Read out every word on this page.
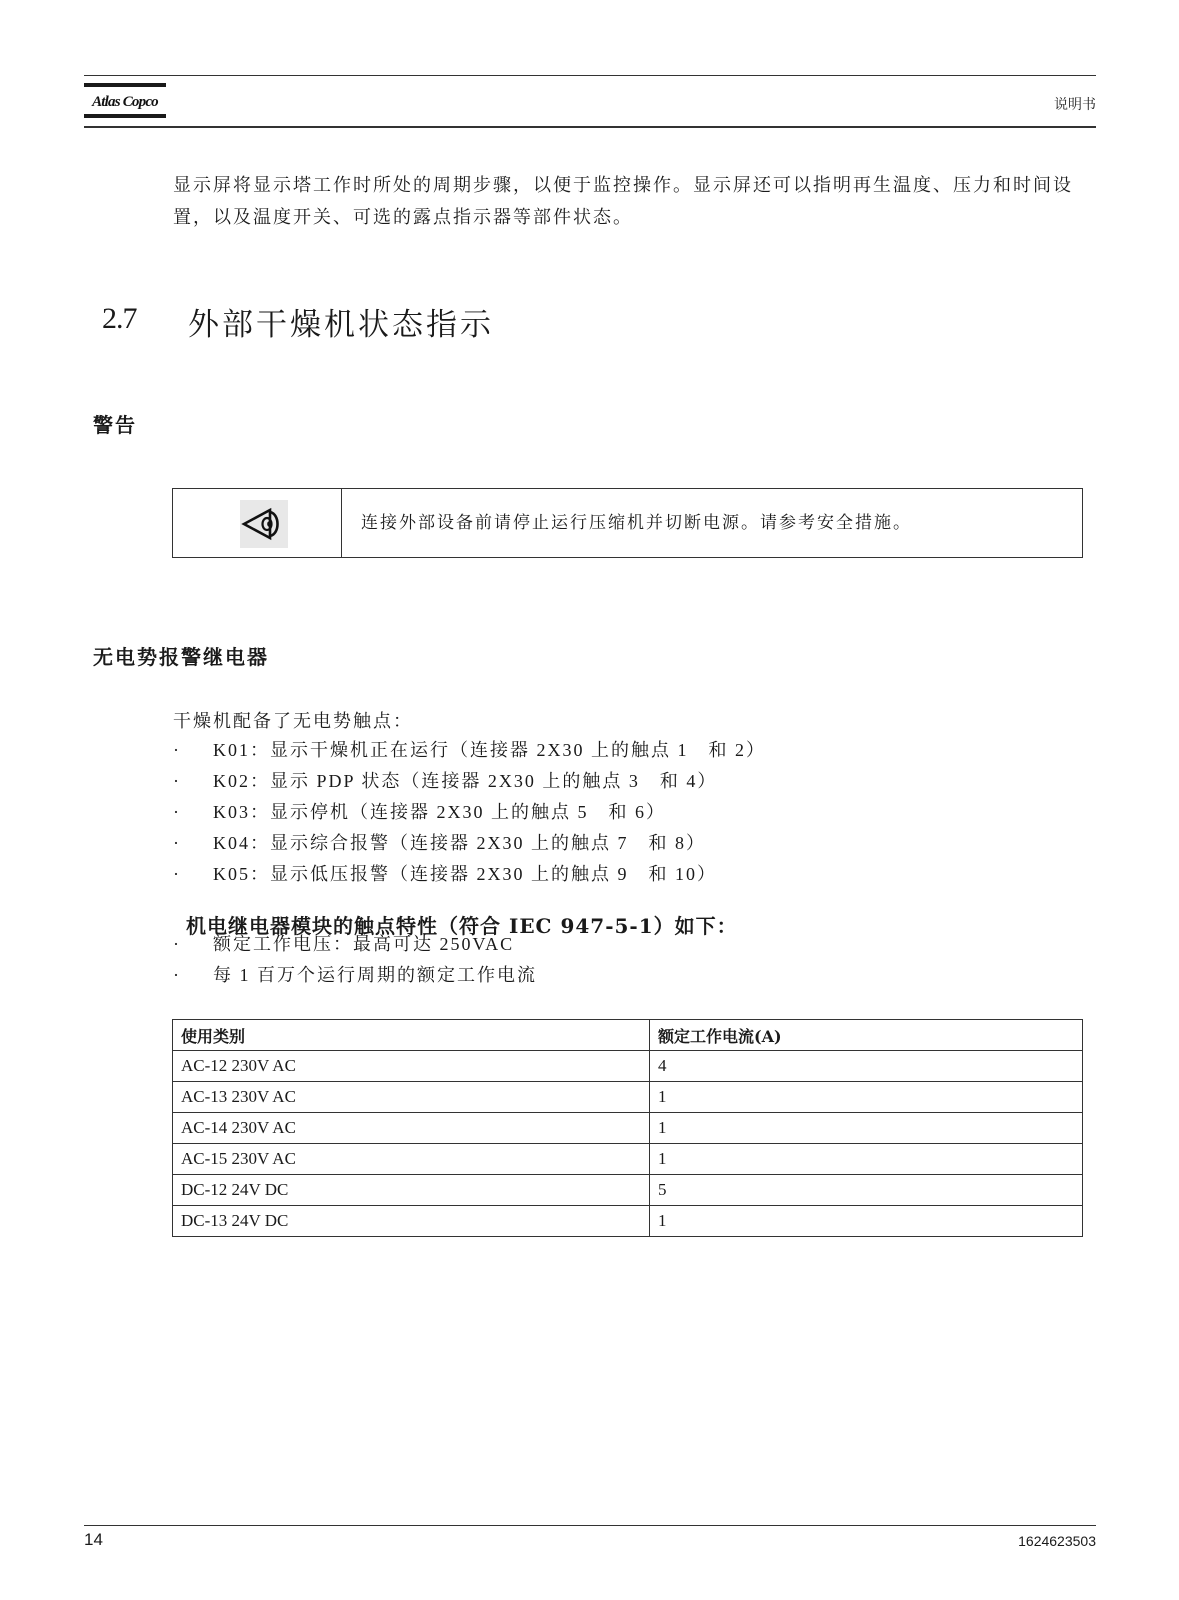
Atlas Copco	说明书
显示屏将显示塔工作时所处的周期步骤，以便于监控操作。显示屏还可以指明再生温度、压力和时间设置，以及温度开关、可选的露点指示器等部件状态。
2.7 外部干燥机状态指示
警告
连接外部设备前请停止运行压缩机并切断电源。请参考安全措施。
无电势报警继电器
干燥机配备了无电势触点：
· K01：显示干燥机正在运行（连接器 2X30 上的触点 1　和 2）
· K02：显示 PDP 状态（连接器 2X30 上的触点 3　和 4）
· K03：显示停机（连接器 2X30 上的触点 5　和 6）
· K04：显示综合报警（连接器 2X30 上的触点 7　和 8）
· K05：显示低压报警（连接器 2X30 上的触点 9　和 10）
机电继电器模块的触点特性（符合 IEC 947-5-1）如下：
· 额定工作电压：最高可达 250VAC
· 每 1 百万个运行周期的额定工作电流
使用类别	额定工作电流(A)
AC-12 230V AC	4
AC-13 230V AC	1
AC-14 230V AC	1
AC-15 230V AC	1
DC-12 24V DC	5
DC-13 24V DC	1
14	1624623503
